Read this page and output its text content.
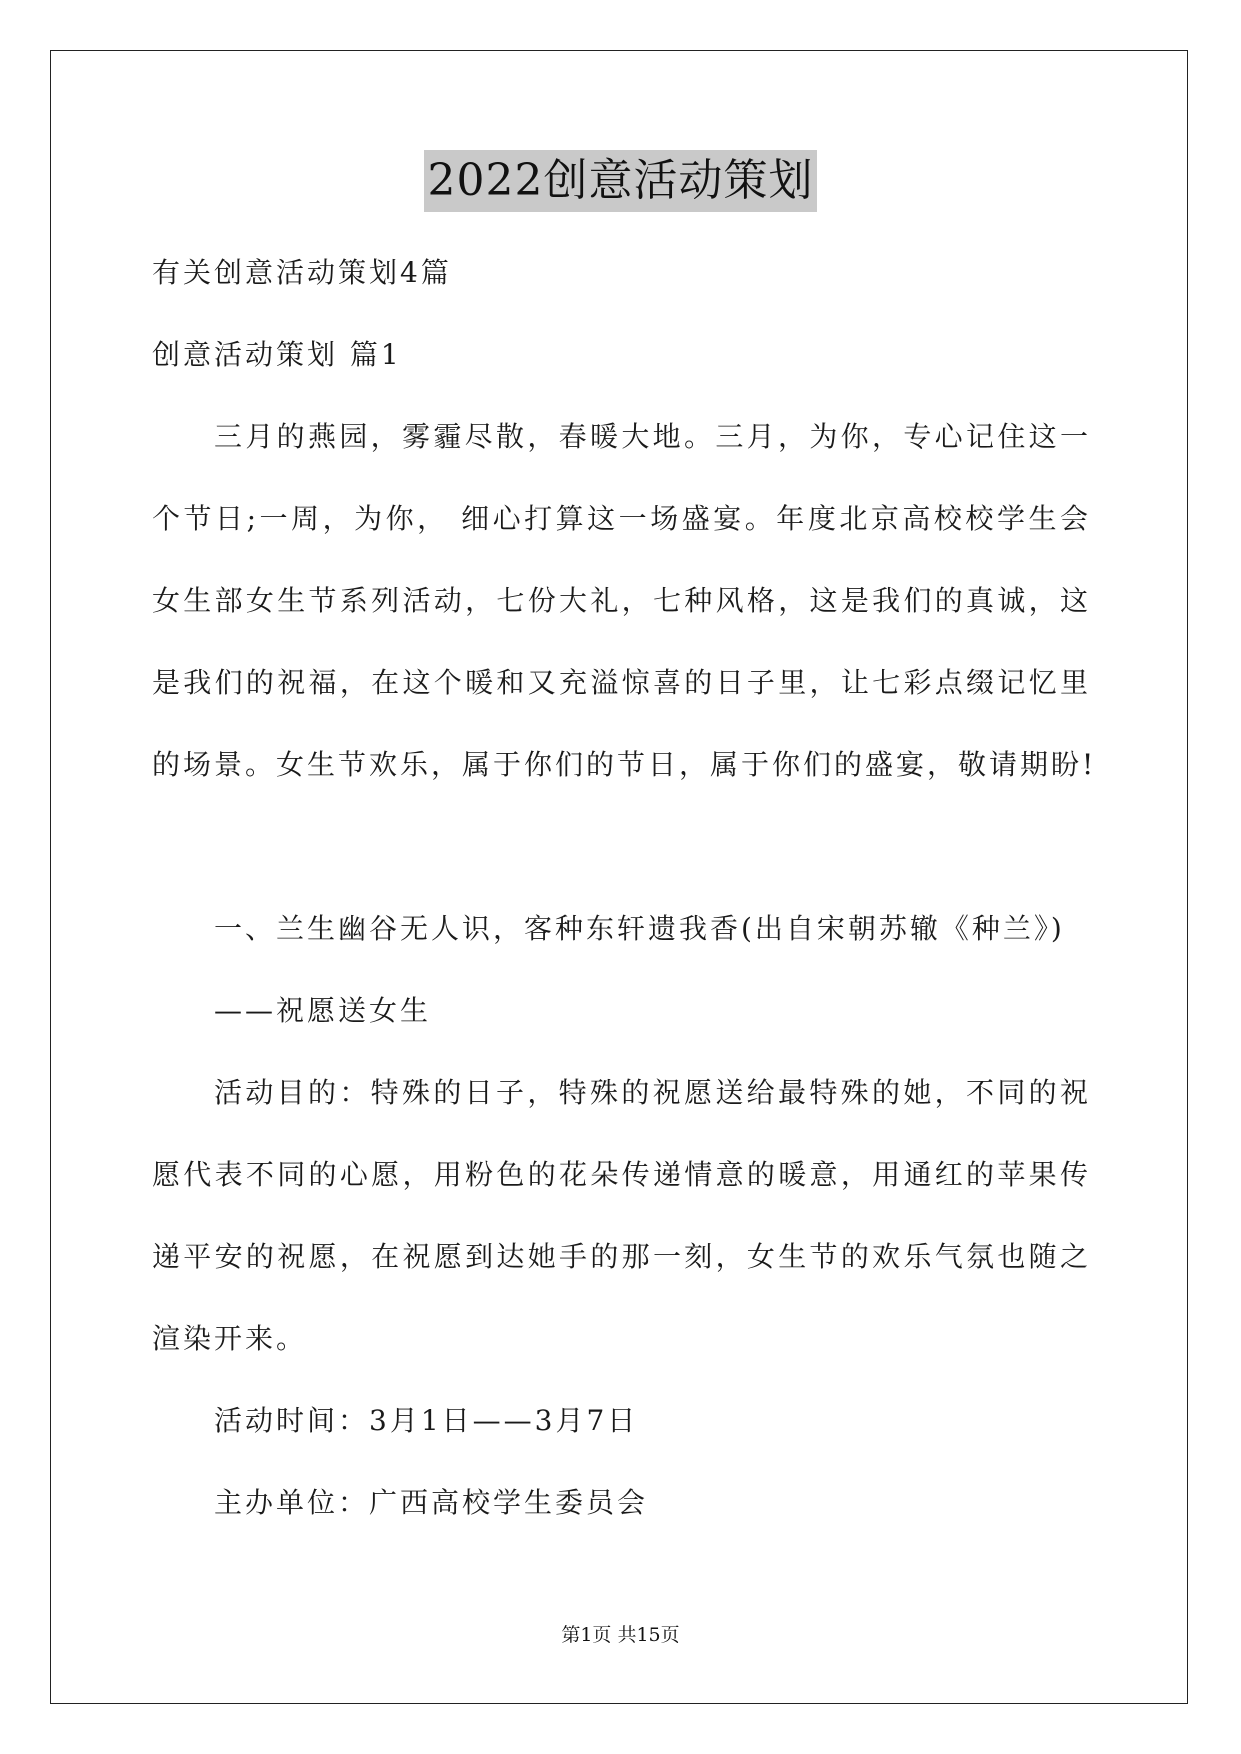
2022创意活动策划
有关创意活动策划4篇
创意活动策划 篇1
三月的燕园，雾霾尽散，春暖大地。三月，为你，专心记住这一
个节日;一周，为你， 细心打算这一场盛宴。年度北京高校校学生会
女生部女生节系列活动，七份大礼，七种风格，这是我们的真诚，这
是我们的祝福，在这个暖和又充溢惊喜的日子里，让七彩点缀记忆里
的场景。女生节欢乐，属于你们的节日，属于你们的盛宴，敬请期盼!
一、兰生幽谷无人识，客种东轩遗我香(出自宋朝苏辙《种兰》)
——祝愿送女生
活动目的：特殊的日子，特殊的祝愿送给最特殊的她，不同的祝
愿代表不同的心愿，用粉色的花朵传递情意的暖意，用通红的苹果传
递平安的祝愿，在祝愿到达她手的那一刻，女生节的欢乐气氛也随之
渲染开来。
活动时间：3月1日——3月7日
主办单位：广西高校学生委员会
第1页 共15页
